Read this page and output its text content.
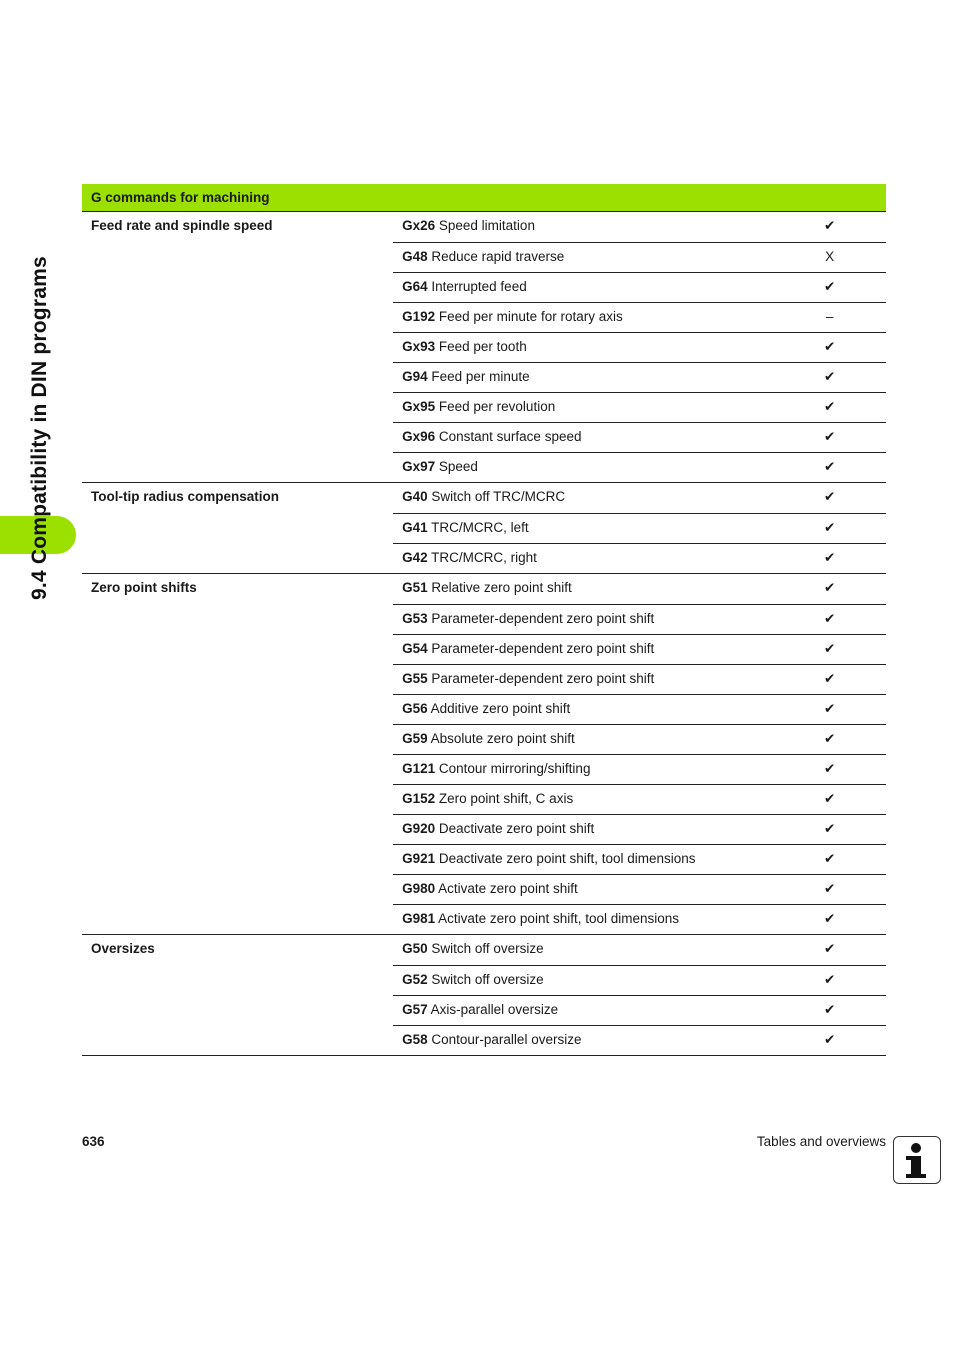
9.4 Compatibility in DIN programs
G commands for machining			
Feed rate and spindle speed		Gx26 Speed limitation	✔
		G48 Reduce rapid traverse	X
		G64 Interrupted feed	✔
		G192 Feed per minute for rotary axis	–
		Gx93 Feed per tooth	✔
		G94 Feed per minute	✔
		Gx95 Feed per revolution	✔
		Gx96 Constant surface speed	✔
		Gx97 Speed	✔
Tool-tip radius compensation		G40 Switch off TRC/MCRC	✔
		G41 TRC/MCRC, left	✔
		G42 TRC/MCRC, right	✔
Zero point shifts		G51 Relative zero point shift	✔
		G53 Parameter-dependent zero point shift	✔
		G54 Parameter-dependent zero point shift	✔
		G55 Parameter-dependent zero point shift	✔
		G56 Additive zero point shift	✔
		G59 Absolute zero point shift	✔
		G121 Contour mirroring/shifting	✔
		G152 Zero point shift, C axis	✔
		G920 Deactivate zero point shift	✔
		G921 Deactivate zero point shift, tool dimensions	✔
		G980 Activate zero point shift	✔
		G981 Activate zero point shift, tool dimensions	✔
Oversizes		G50 Switch off oversize	✔
		G52 Switch off oversize	✔
		G57 Axis-parallel oversize	✔
		G58 Contour-parallel oversize	✔
636	Tables and overviews
